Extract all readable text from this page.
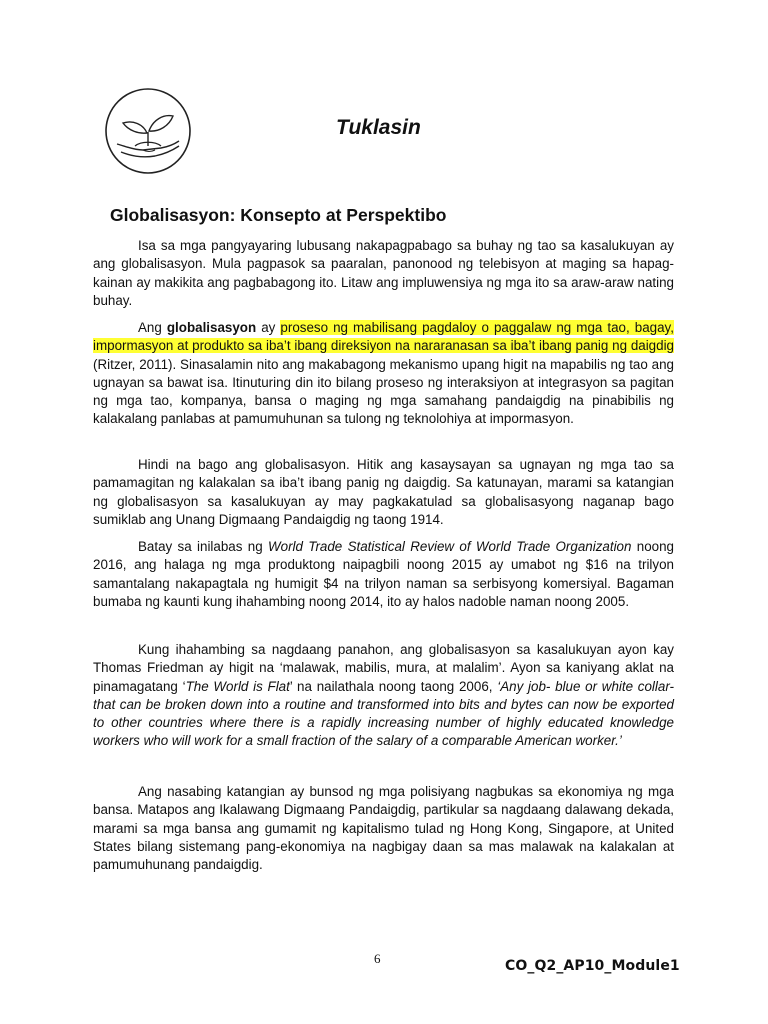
Tuklasin
Globalisasyon: Konsepto at Perspektibo

Isa sa mga pangyayaring lubusang nakapagpabago sa buhay ng tao sa kasalukuyan ay ang globalisasyon. Mula pagpasok sa paaralan, panonood ng telebisyon at maging sa hapag-kainan ay makikita ang pagbabagong ito. Litaw ang impluwensiya ng mga ito sa araw-araw nating buhay.

Ang globalisasyon ay proseso ng mabilisang pagdaloy o paggalaw ng mga tao, bagay, impormasyon at produkto sa iba’t ibang direksiyon na nararanasan sa iba’t ibang panig ng daigdig (Ritzer, 2011). Sinasalamin nito ang makabagong mekanismo upang higit na mapabilis ng tao ang ugnayan sa bawat isa. Itinuturing din ito bilang proseso ng interaksiyon at integrasyon sa pagitan ng mga tao, kompanya, bansa o maging ng mga samahang pandaigdig na pinabibilis ng kalakalang panlabas at pamumuhunan sa tulong ng teknolohiya at impormasyon.

Hindi na bago ang globalisasyon. Hitik ang kasaysayan sa ugnayan ng mga tao sa pamamagitan ng kalakalan sa iba’t ibang panig ng daigdig. Sa katunayan, marami sa katangian ng globalisasyon sa kasalukuyan ay may pagkakatulad sa globalisasyong naganap bago sumiklab ang Unang Digmaang Pandaigdig ng taong 1914.

Batay sa inilabas ng World Trade Statistical Review of World Trade Organization noong 2016, ang halaga ng mga produktong naipagbili noong 2015 ay umabot ng $16 na trilyon samantalang nakapagtala ng humigit $4 na trilyon naman sa serbisyong komersiyal. Bagaman bumaba ng kaunti kung ihahambing noong 2014, ito ay halos nadoble naman noong 2005.

Kung ihahambing sa nagdaang panahon, ang globalisasyon sa kasalukuyan ayon kay Thomas Friedman ay higit na ‘malawak, mabilis, mura, at malalim’. Ayon sa kaniyang aklat na pinamagatang ‘The World is Flat’ na nailathala noong taong 2006, ‘Any job- blue or white collar- that can be broken down into a routine and transformed into bits and bytes can now be exported to other countries where there is a rapidly increasing number of highly educated knowledge workers who will work for a small fraction of the salary of a comparable American worker.’

Ang nasabing katangian ay bunsod ng mga polisiyang nagbukas sa ekonomiya ng mga bansa. Matapos ang Ikalawang Digmaang Pandaigdig, partikular sa nagdaang dalawang dekada, marami sa mga bansa ang gumamit ng kapitalismo tulad ng Hong Kong, Singapore, at United States bilang sistemang pang-ekonomiya na nagbigay daan sa mas malawak na kalakalan at pamumuhunang pandaigdig.

6	CO_Q2_AP10_Module1
